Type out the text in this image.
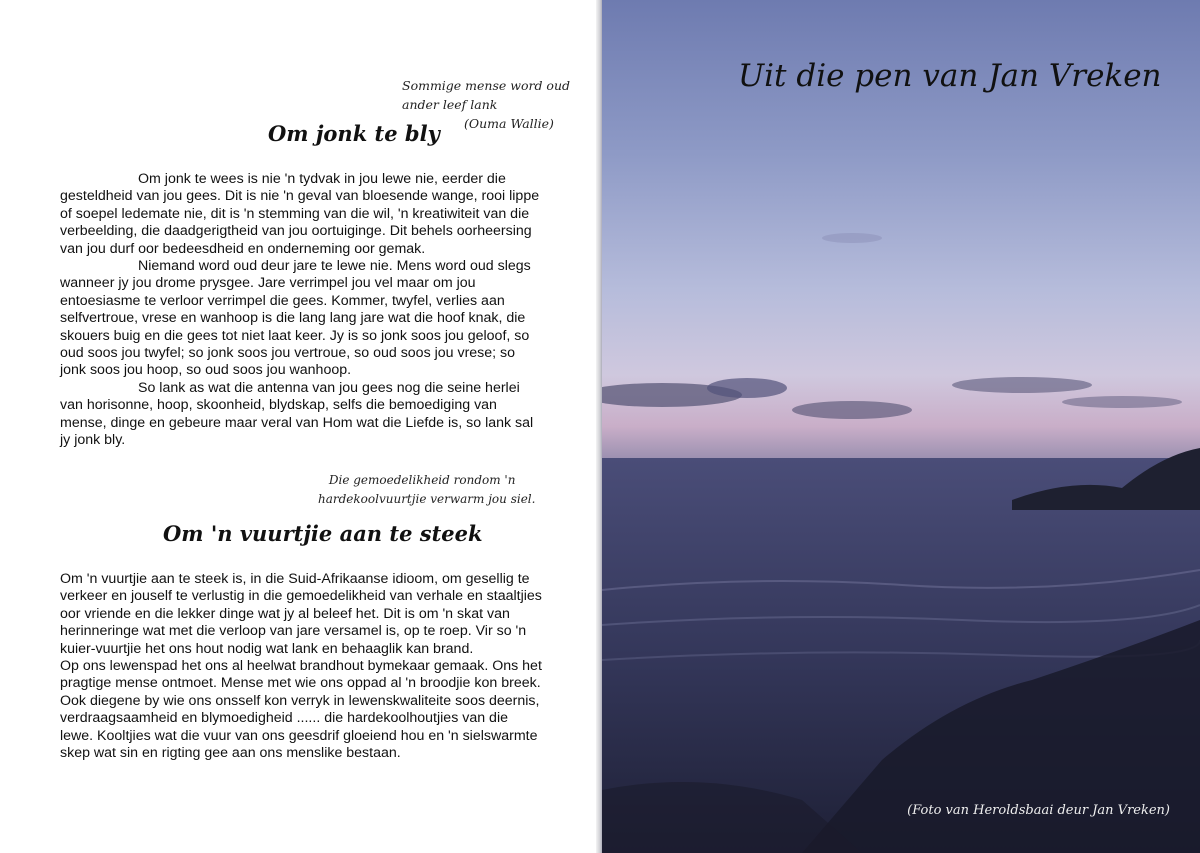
Sommige mense word oud
ander leef lank
(Ouma Wallie)
Om jonk te bly

Om jonk te wees is nie 'n tydvak in jou lewe nie, eerder die gesteldheid van jou gees. Dit is nie 'n geval van bloesende wange, rooi lippe of soepel ledemate nie, dit is 'n stemming van die wil, 'n kreatiwiteit van die verbeelding, die daadgerigtheid van jou oortuiginge. Dit behels oorheersing van jou durf oor bedeesdheid en onderneming oor gemak.

Niemand word oud deur jare te lewe nie. Mens word oud slegs wanneer jy jou drome prysgee. Jare verrimpel jou vel maar om jou entoesiasme te verloor verrimpel die gees. Kommer, twyfel, verlies aan selfvertroue, vrese en wanhoop is die lang lang jare wat die hoof knak, die skouers buig en die gees tot niet laat keer. Jy is so jonk soos jou geloof, so oud soos jou twyfel; so jonk soos jou vertroue, so oud soos jou vrese; so jonk soos jou hoop, so oud soos jou wanhoop.

So lank as wat die antenna van jou gees nog die seine herlei van horisonne, hoop, skoonheid, blydskap, selfs die bemoediging van mense, dinge en gebeure maar veral van Hom wat die Liefde is, so lank sal jy jonk bly.

Die gemoedelikheid rondom 'n
hardekoolvuurtjie verwarm jou siel.
Om 'n vuurtjie aan te steek

Om 'n vuurtjie aan te steek is, in die Suid-Afrikaanse idioom, om gesellig te verkeer en jouself te verlustig in die gemoedelikheid van verhale en staaltjies oor vriende en die lekker dinge wat jy al beleef het. Dit is om 'n skat van herinneringe wat met die verloop van jare versamel is, op te roep. Vir so 'n kuier-vuurtjie het ons hout nodig wat lank en behaaglik kan brand.

Op ons lewenspad het ons al heelwat brandhout bymekaar gemaak. Ons het pragtige mense ontmoet. Mense met wie ons oppad al 'n broodjie kon breek. Ook diegene by wie ons onsself kon verryk in lewenskwaliteite soos deernis, verdraagsaamheid en blymoedigheid ...... die hardekoolhoutjies van die lewe. Kooltjies wat die vuur van ons geesdrif gloeiend hou en 'n sielswarmte skep wat sin en rigting gee aan ons menslike bestaan.

Uit die pen van Jan Vreken
(Foto van Heroldsbaai deur Jan Vreken)
